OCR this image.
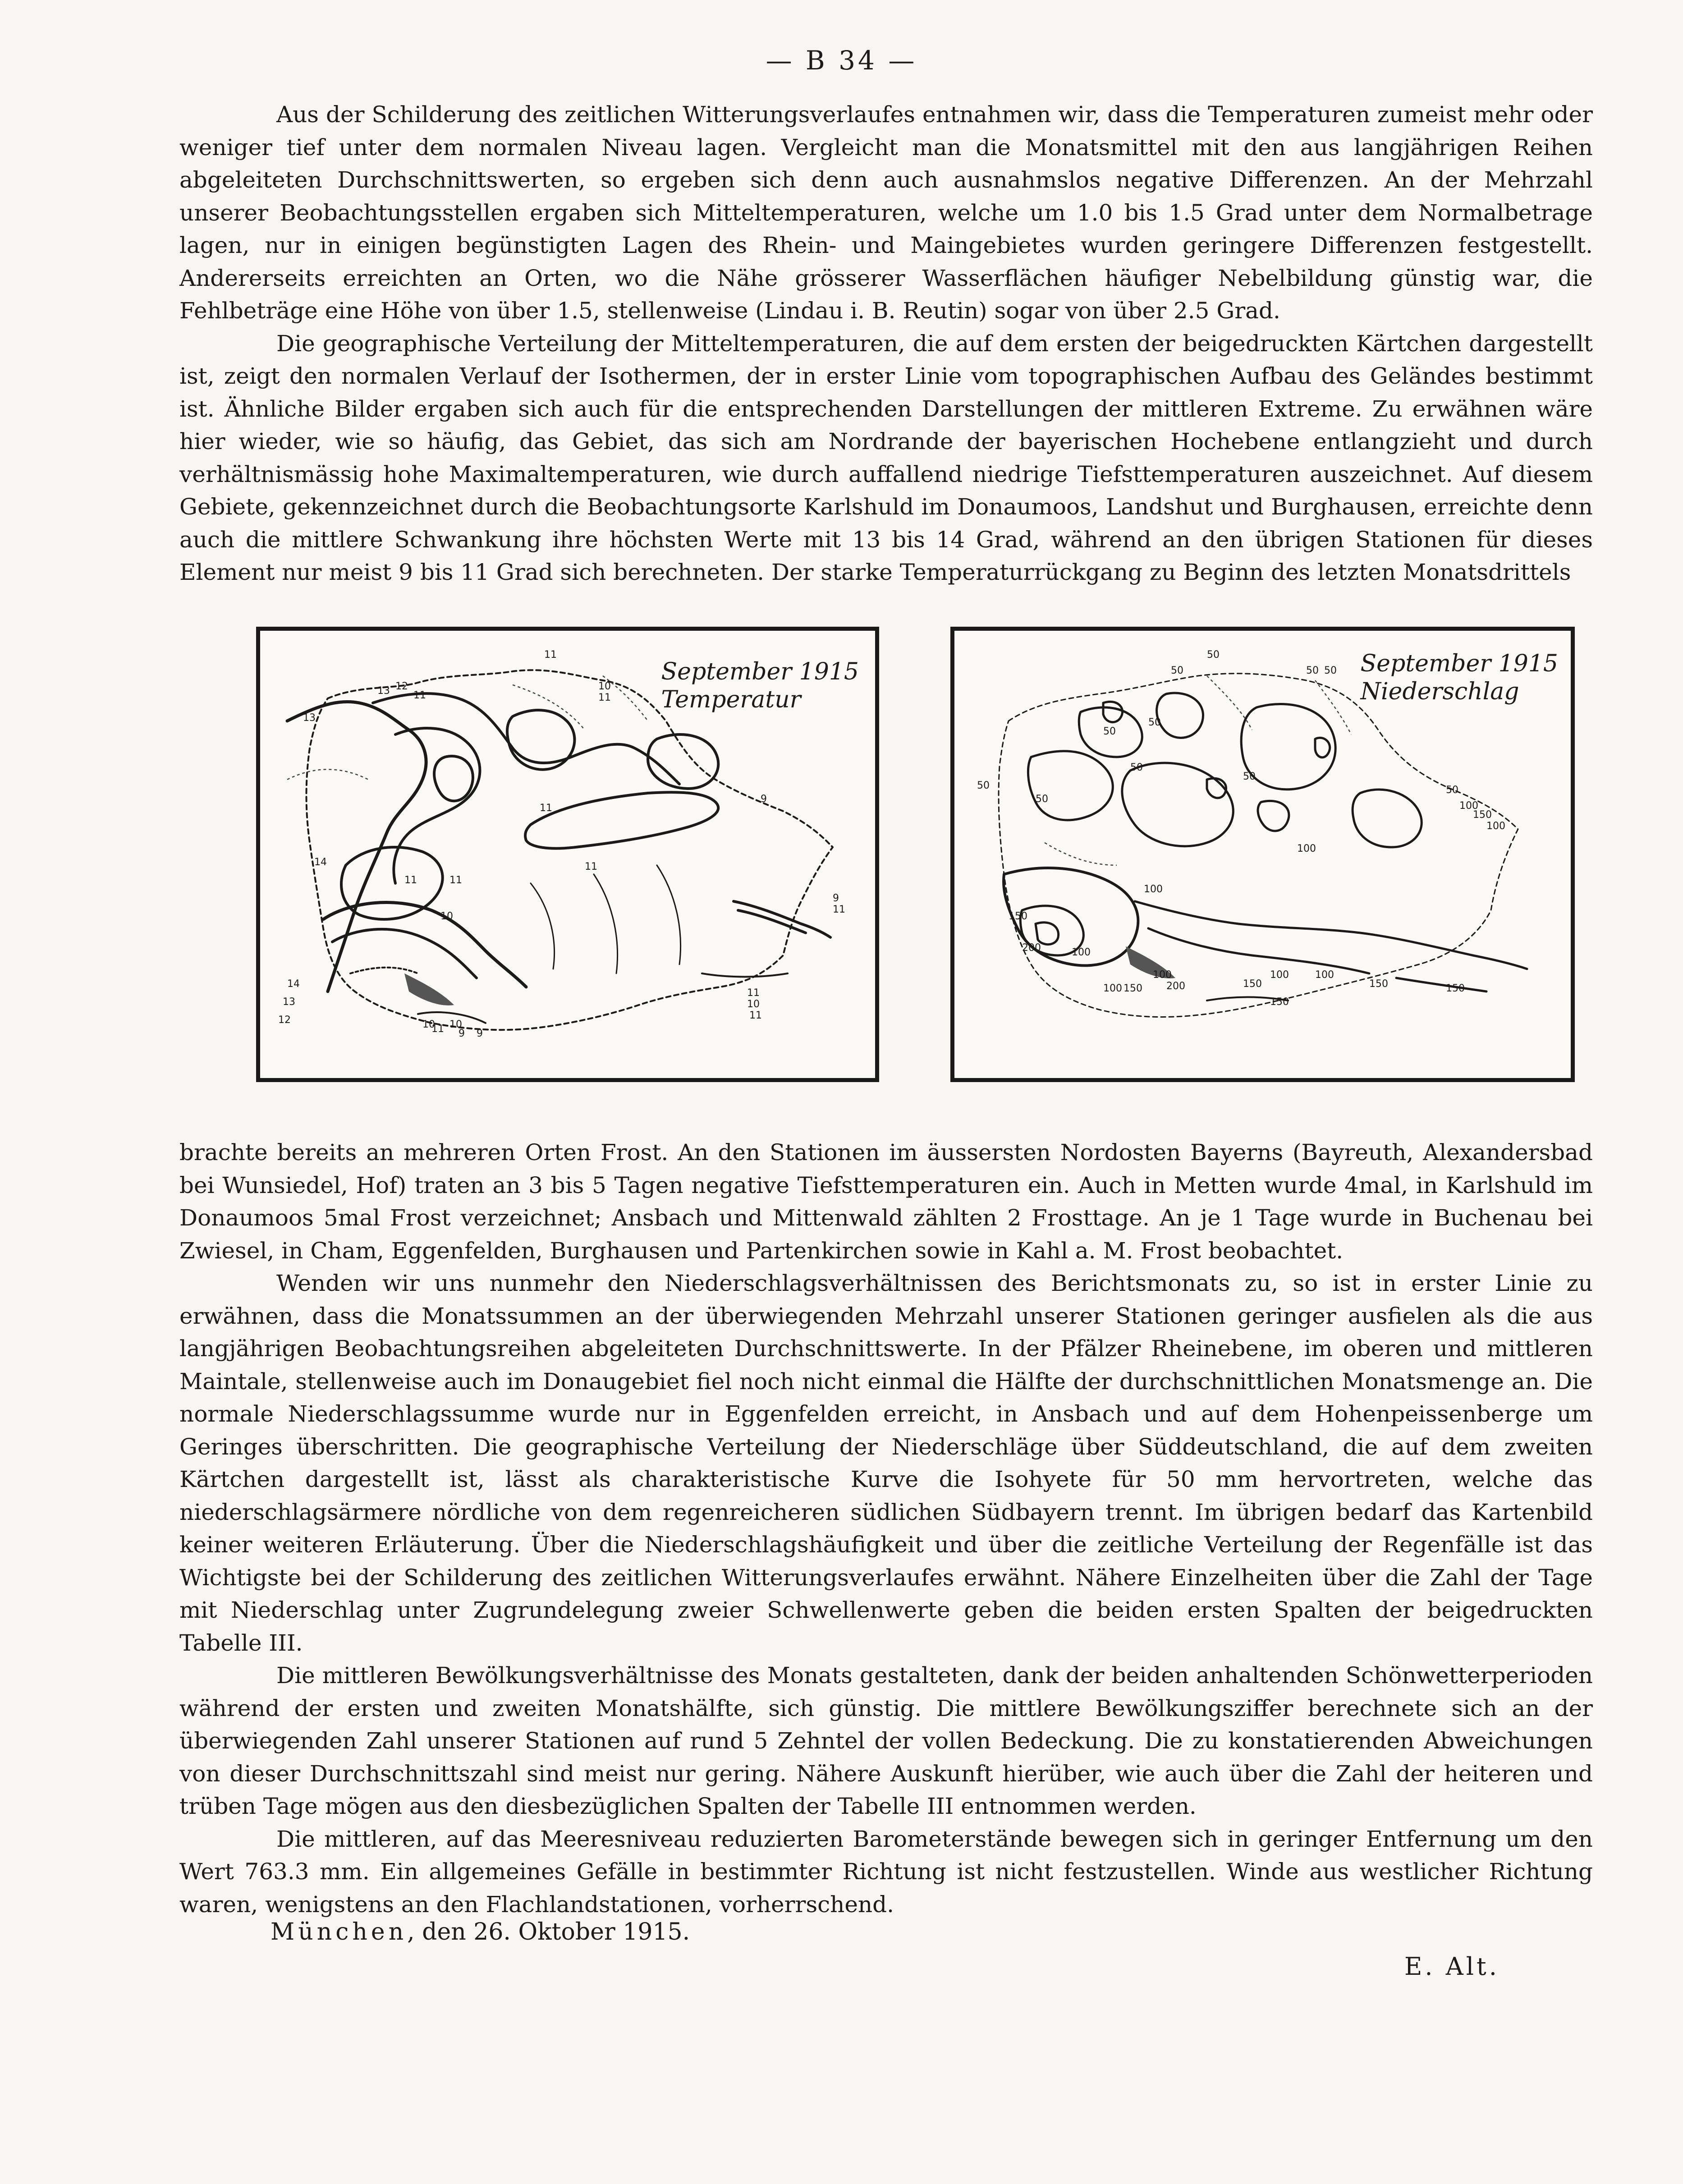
— B 34 —

Aus der Schilderung des zeitlichen Witterungsverlaufes entnahmen wir, dass die Temperaturen zumeist mehr oder weniger tief unter dem normalen Niveau lagen. Vergleicht man die Monatsmittel mit den aus langjährigen Reihen abgeleiteten Durchschnittswerten, so ergeben sich denn auch ausnahmslos negative Differenzen. An der Mehrzahl unserer Beobachtungsstellen ergaben sich Mitteltemperaturen, welche um 1.0 bis 1.5 Grad unter dem Normalbetrage lagen, nur in einigen begünstigten Lagen des Rhein- und Maingebietes wurden geringere Differenzen festgestellt. Andererseits erreichten an Orten, wo die Nähe grösserer Wasserflächen häufiger Nebelbildung günstig war, die Fehlbeträge eine Höhe von über 1.5, stellenweise (Lindau i. B. Reutin) sogar von über 2.5 Grad.

Die geographische Verteilung der Mitteltemperaturen, die auf dem ersten der beigedruckten Kärtchen dargestellt ist, zeigt den normalen Verlauf der Isothermen, der in erster Linie vom topographischen Aufbau des Geländes bestimmt ist. Ähnliche Bilder ergaben sich auch für die entsprechenden Darstellungen der mittleren Extreme. Zu erwähnen wäre hier wieder, wie so häufig, das Gebiet, das sich am Nordrande der bayerischen Hochebene entlangzieht und durch verhältnismässig hohe Maximaltemperaturen, wie durch auffallend niedrige Tiefsttemperaturen auszeichnet. Auf diesem Gebiete, gekennzeichnet durch die Beobachtungsorte Karlshuld im Donaumoos, Landshut und Burghausen, erreichte denn auch die mittlere Schwankung ihre höchsten Werte mit 13 bis 14 Grad, während an den übrigen Stationen für dieses Element nur meist 9 bis 11 Grad sich berechneten. Der starke Temperaturrückgang zu Beginn des letzten Monatsdrittels

11
13 12
11
10
11
13
11
14
11
9
11
10
11
9
11
13
12
14
11
10
11
9
10
9
11
10
September 1915
Temperatur
50
50	50 50
50
50
50
50
50
50
50
100
150
100
100
100
150
200	100
100 150 200
100	100
150
150
150
100
150
September 1915
Niederschlag

brachte bereits an mehreren Orten Frost. An den Stationen im äussersten Nordosten Bayerns (Bayreuth, Alexandersbad bei Wunsiedel, Hof) traten an 3 bis 5 Tagen negative Tiefsttemperaturen ein. Auch in Metten wurde 4mal, in Karlshuld im Donaumoos 5mal Frost verzeichnet; Ansbach und Mittenwald zählten 2 Frosttage. An je 1 Tage wurde in Buchenau bei Zwiesel, in Cham, Eggenfelden, Burghausen und Partenkirchen sowie in Kahl a. M. Frost beobachtet.

Wenden wir uns nunmehr den Niederschlagsverhältnissen des Berichtsmonats zu, so ist in erster Linie zu erwähnen, dass die Monatssummen an der überwiegenden Mehrzahl unserer Stationen geringer ausfielen als die aus langjährigen Beobachtungsreihen abgeleiteten Durchschnittswerte. In der Pfälzer Rheinebene, im oberen und mittleren Maintale, stellenweise auch im Donaugebiet fiel noch nicht einmal die Hälfte der durchschnittlichen Monatsmenge an. Die normale Niederschlagssumme wurde nur in Eggenfelden erreicht, in Ansbach und auf dem Hohenpeissenberge um Geringes überschritten. Die geographische Verteilung der Niederschläge über Süddeutschland, die auf dem zweiten Kärtchen dargestellt ist, lässt als charakteristische Kurve die Isohyete für 50 mm hervortreten, welche das niederschlagsärmere nördliche von dem regenreicheren südlichen Südbayern trennt. Im übrigen bedarf das Kartenbild keiner weiteren Erläuterung. Über die Niederschlagshäufigkeit und über die zeitliche Verteilung der Regenfälle ist das Wichtigste bei der Schilderung des zeitlichen Witterungsverlaufes erwähnt. Nähere Einzelheiten über die Zahl der Tage mit Niederschlag unter Zugrundelegung zweier Schwellenwerte geben die beiden ersten Spalten der beigedruckten Tabelle III.

Die mittleren Bewölkungsverhältnisse des Monats gestalteten, dank der beiden anhaltenden Schönwetterperioden während der ersten und zweiten Monatshälfte, sich günstig. Die mittlere Bewölkungsziffer berechnete sich an der überwiegenden Zahl unserer Stationen auf rund 5 Zehntel der vollen Bedeckung. Die zu konstatierenden Abweichungen von dieser Durchschnittszahl sind meist nur gering. Nähere Auskunft hierüber, wie auch über die Zahl der heiteren und trüben Tage mögen aus den diesbezüglichen Spalten der Tabelle III entnommen werden.

Die mittleren, auf das Meeresniveau reduzierten Barometerstände bewegen sich in geringer Entfernung um den Wert 763.3 mm. Ein allgemeines Gefälle in bestimmter Richtung ist nicht festzustellen. Winde aus westlicher Richtung waren, wenigstens an den Flachlandstationen, vorherrschend.

München, den 26. Oktober 1915.
E. Alt.
